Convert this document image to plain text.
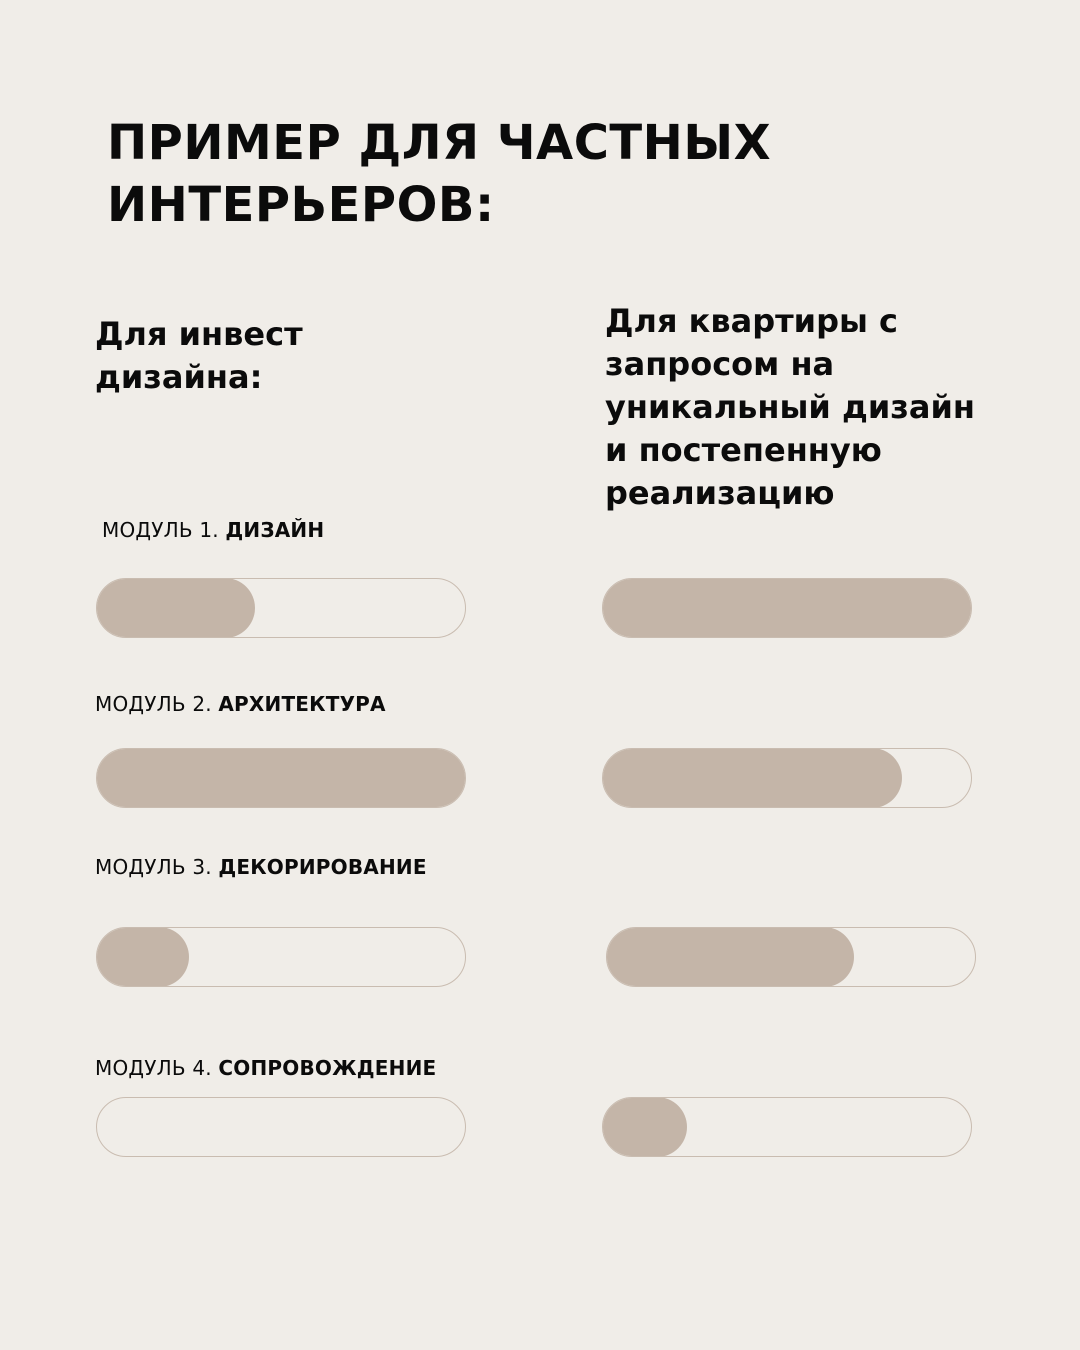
ПРИМЕР ДЛЯ ЧАСТНЫХ
ИНТЕРЬЕРОВ:
Для инвест
дизайна:
Для квартиры с
запросом на
уникальный дизайн
и постепенную
реализацию
МОДУЛЬ 1. ДИЗАЙН
МОДУЛЬ 2. АРХИТЕКТУРА
МОДУЛЬ 3. ДЕКОРИРОВАНИЕ
МОДУЛЬ 4. СОПРОВОЖДЕНИЕ
